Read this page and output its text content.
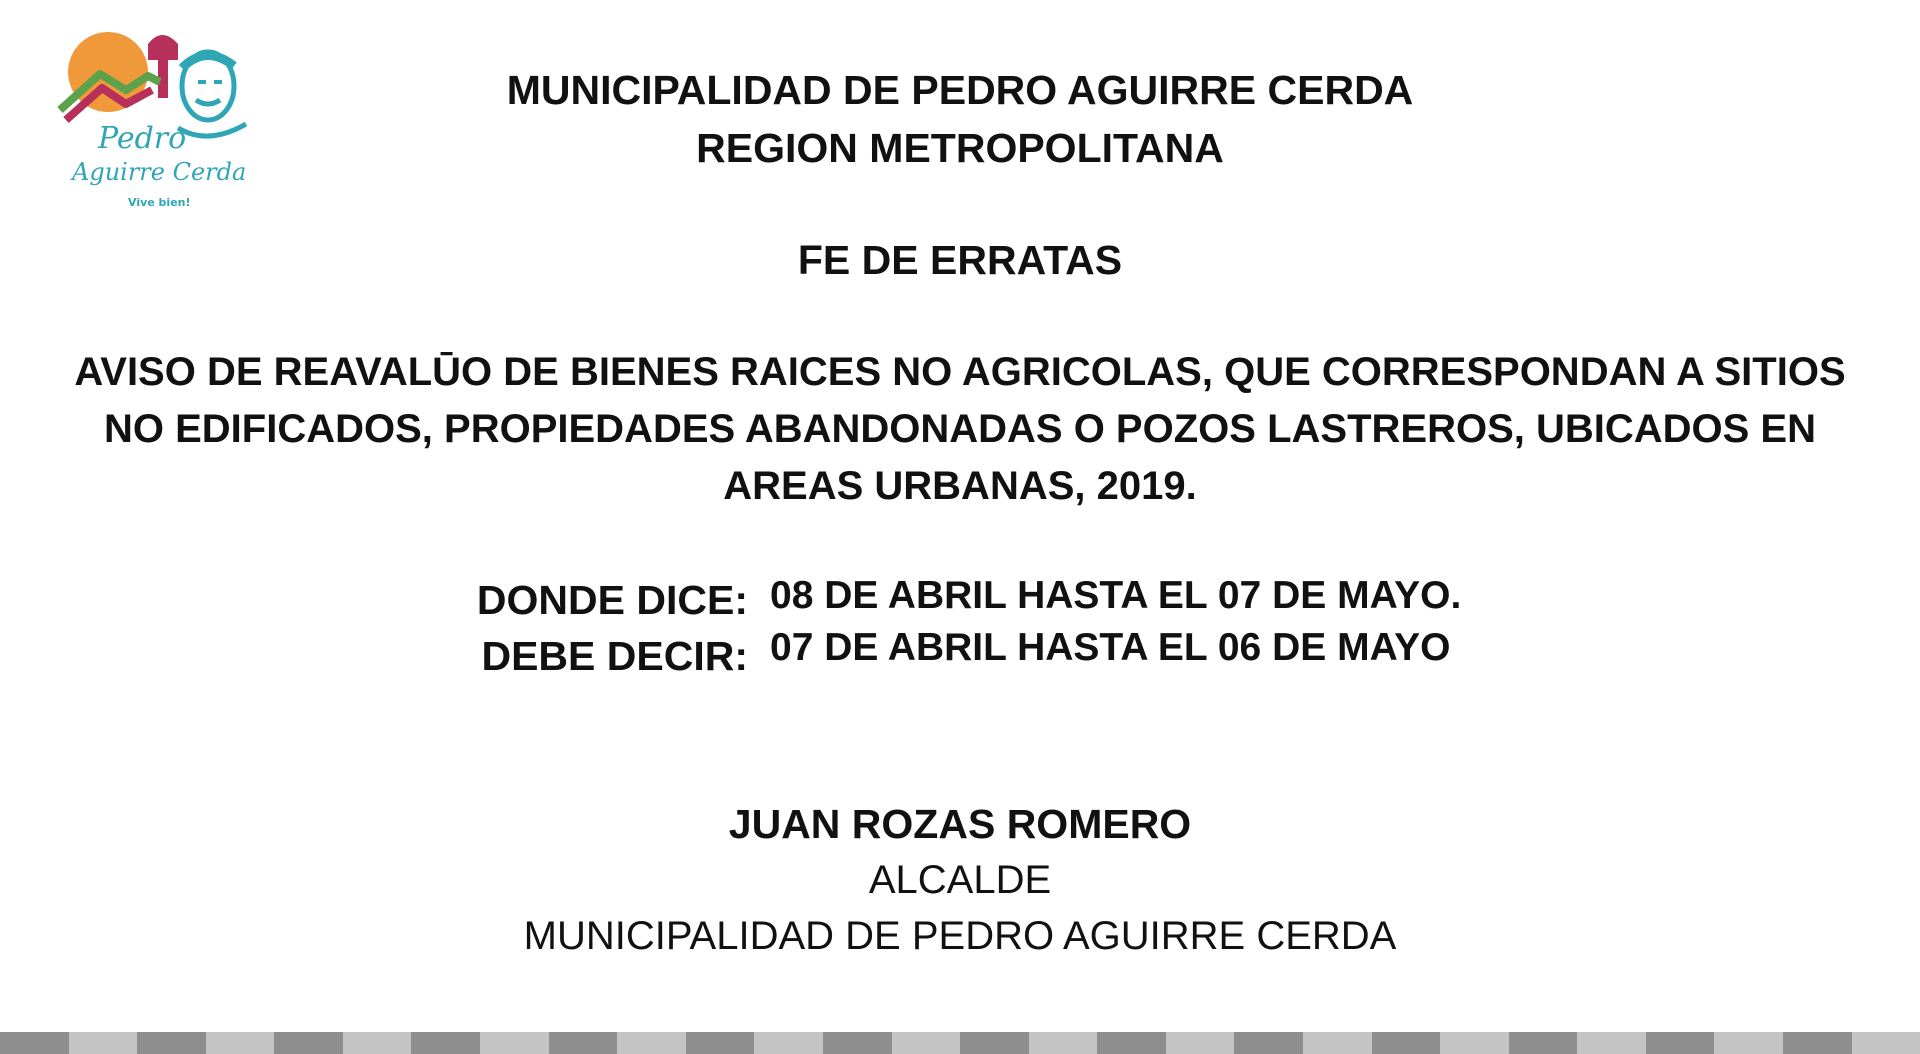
Pedro
Aguirre Cerda
Vive bien!
MUNICIPALIDAD DE PEDRO AGUIRRE CERDA
REGION METROPOLITANA
FE DE ERRATAS
AVISO DE REAVALŪO DE BIENES RAICES NO AGRICOLAS, QUE CORRESPONDAN A SITIOS
NO EDIFICADOS, PROPIEDADES ABANDONADAS O POZOS LASTREROS, UBICADOS EN
AREAS URBANAS, 2019.
DONDE DICE: 08 DE ABRIL HASTA EL 07 DE MAYO.
DEBE DECIR: 07 DE ABRIL HASTA EL 06 DE MAYO
JUAN ROZAS ROMERO
ALCALDE
MUNICIPALIDAD DE PEDRO AGUIRRE CERDA
